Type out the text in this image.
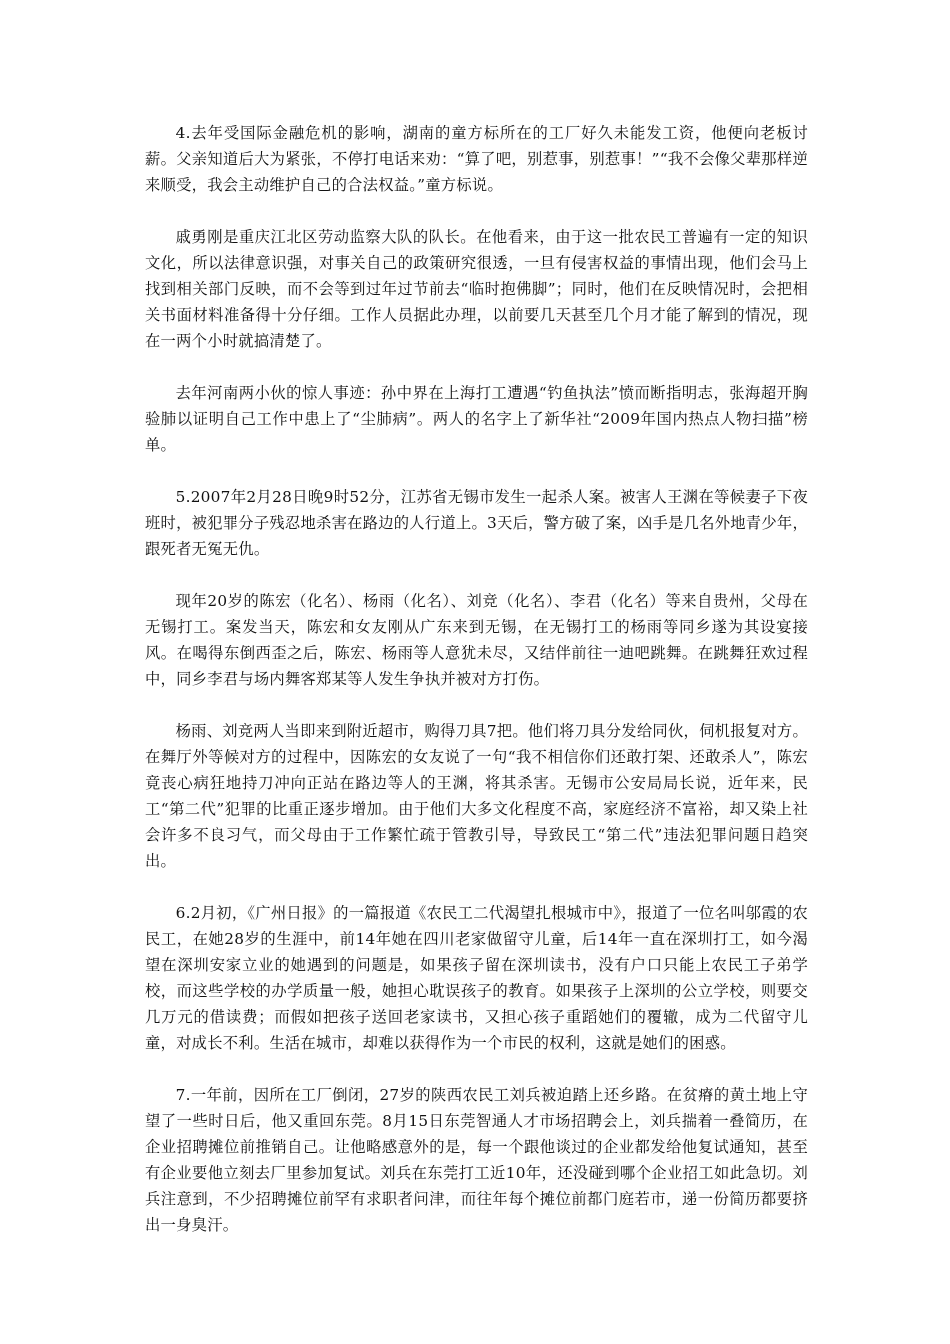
4.去年受国际金融危机的影响，湖南的童方标所在的工厂好久未能发工资，他便向老板讨薪。父亲知道后大为紧张，不停打电话来劝：“算了吧，别惹事，别惹事！”“我不会像父辈那样逆来顺受，我会主动维护自己的合法权益。”童方标说。

戚勇刚是重庆江北区劳动监察大队的队长。在他看来，由于这一批农民工普遍有一定的知识文化，所以法律意识强，对事关自己的政策研究很透，一旦有侵害权益的事情出现，他们会马上找到相关部门反映，而不会等到过年过节前去“临时抱佛脚”；同时，他们在反映情况时，会把相关书面材料准备得十分仔细。工作人员据此办理，以前要几天甚至几个月才能了解到的情况，现在一两个小时就搞清楚了。

去年河南两小伙的惊人事迹：孙中界在上海打工遭遇“钓鱼执法”愤而断指明志，张海超开胸验肺以证明自己工作中患上了“尘肺病”。两人的名字上了新华社“2009年国内热点人物扫描”榜单。

5.2007年2月28日晚9时52分，江苏省无锡市发生一起杀人案。被害人王渊在等候妻子下夜班时，被犯罪分子残忍地杀害在路边的人行道上。3天后，警方破了案，凶手是几名外地青少年，跟死者无冤无仇。

现年20岁的陈宏（化名）、杨雨（化名）、刘竞（化名）、李君（化名）等来自贵州，父母在无锡打工。案发当天，陈宏和女友刚从广东来到无锡，在无锡打工的杨雨等同乡遂为其设宴接风。在喝得东倒西歪之后，陈宏、杨雨等人意犹未尽，又结伴前往一迪吧跳舞。在跳舞狂欢过程中，同乡李君与场内舞客郑某等人发生争执并被对方打伤。

杨雨、刘竞两人当即来到附近超市，购得刀具7把。他们将刀具分发给同伙，伺机报复对方。在舞厅外等候对方的过程中，因陈宏的女友说了一句“我不相信你们还敢打架、还敢杀人”，陈宏竟丧心病狂地持刀冲向正站在路边等人的王渊，将其杀害。无锡市公安局局长说，近年来，民工“第二代”犯罪的比重正逐步增加。由于他们大多文化程度不高，家庭经济不富裕，却又染上社会许多不良习气，而父母由于工作繁忙疏于管教引导，导致民工“第二代”违法犯罪问题日趋突出。

6.2月初，《广州日报》的一篇报道《农民工二代渴望扎根城市中》，报道了一位名叫邬霞的农民工，在她28岁的生涯中，前14年她在四川老家做留守儿童，后14年一直在深圳打工，如今渴望在深圳安家立业的她遇到的问题是，如果孩子留在深圳读书，没有户口只能上农民工子弟学校，而这些学校的办学质量一般，她担心耽误孩子的教育。如果孩子上深圳的公立学校，则要交几万元的借读费；而假如把孩子送回老家读书，又担心孩子重蹈她们的覆辙，成为二代留守儿童，对成长不利。生活在城市，却难以获得作为一个市民的权利，这就是她们的困惑。

7.一年前，因所在工厂倒闭，27岁的陕西农民工刘兵被迫踏上还乡路。在贫瘠的黄土地上守望了一些时日后，他又重回东莞。8月15日东莞智通人才市场招聘会上，刘兵揣着一叠简历，在企业招聘摊位前推销自己。让他略感意外的是，每一个跟他谈过的企业都发给他复试通知，甚至有企业要他立刻去厂里参加复试。刘兵在东莞打工近10年，还没碰到哪个企业招工如此急切。刘兵注意到，不少招聘摊位前罕有求职者问津，而往年每个摊位前都门庭若市，递一份简历都要挤出一身臭汗。
